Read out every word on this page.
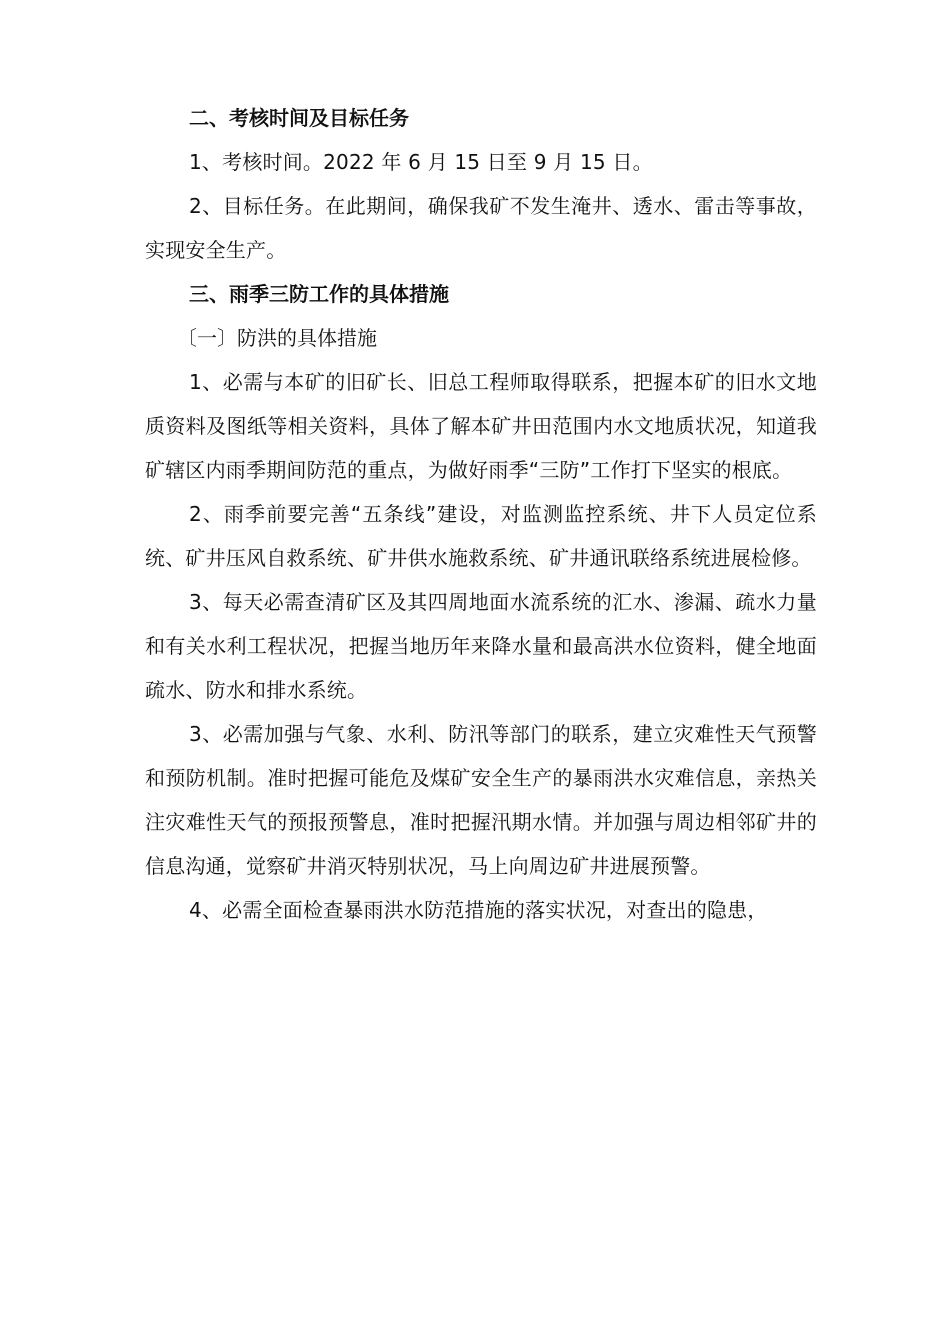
二、考核时间及目标任务

1、考核时间。2022 年 6 月 15 日至 9 月 15 日。

2、目标任务。在此期间，确保我矿不发生淹井、透水、雷击等事故，实现安全生产。

三、雨季三防工作的具体措施

〔一〕防洪的具体措施

1、必需与本矿的旧矿长、旧总工程师取得联系，把握本矿的旧水文地质资料及图纸等相关资料，具体了解本矿井田范围内水文地质状况，知道我矿辖区内雨季期间防范的重点，为做好雨季“三防”工作打下坚实的根底。

2、雨季前要完善“五条线”建设，对监测监控系统、井下人员定位系统、矿井压风自救系统、矿井供水施救系统、矿井通讯联络系统进展检修。

3、每天必需查清矿区及其四周地面水流系统的汇水、渗漏、疏水力量和有关水利工程状况，把握当地历年来降水量和最高洪水位资料，健全地面疏水、防水和排水系统。

3、必需加强与气象、水利、防汛等部门的联系，建立灾难性天气预警和预防机制。准时把握可能危及煤矿安全生产的暴雨洪水灾难信息，亲热关注灾难性天气的预报预警息，准时把握汛期水情。并加强与周边相邻矿井的信息沟通，觉察矿井消灭特别状况，马上向周边矿井进展预警。

4、必需全面检查暴雨洪水防范措施的落实状况，对查出的隐患，
